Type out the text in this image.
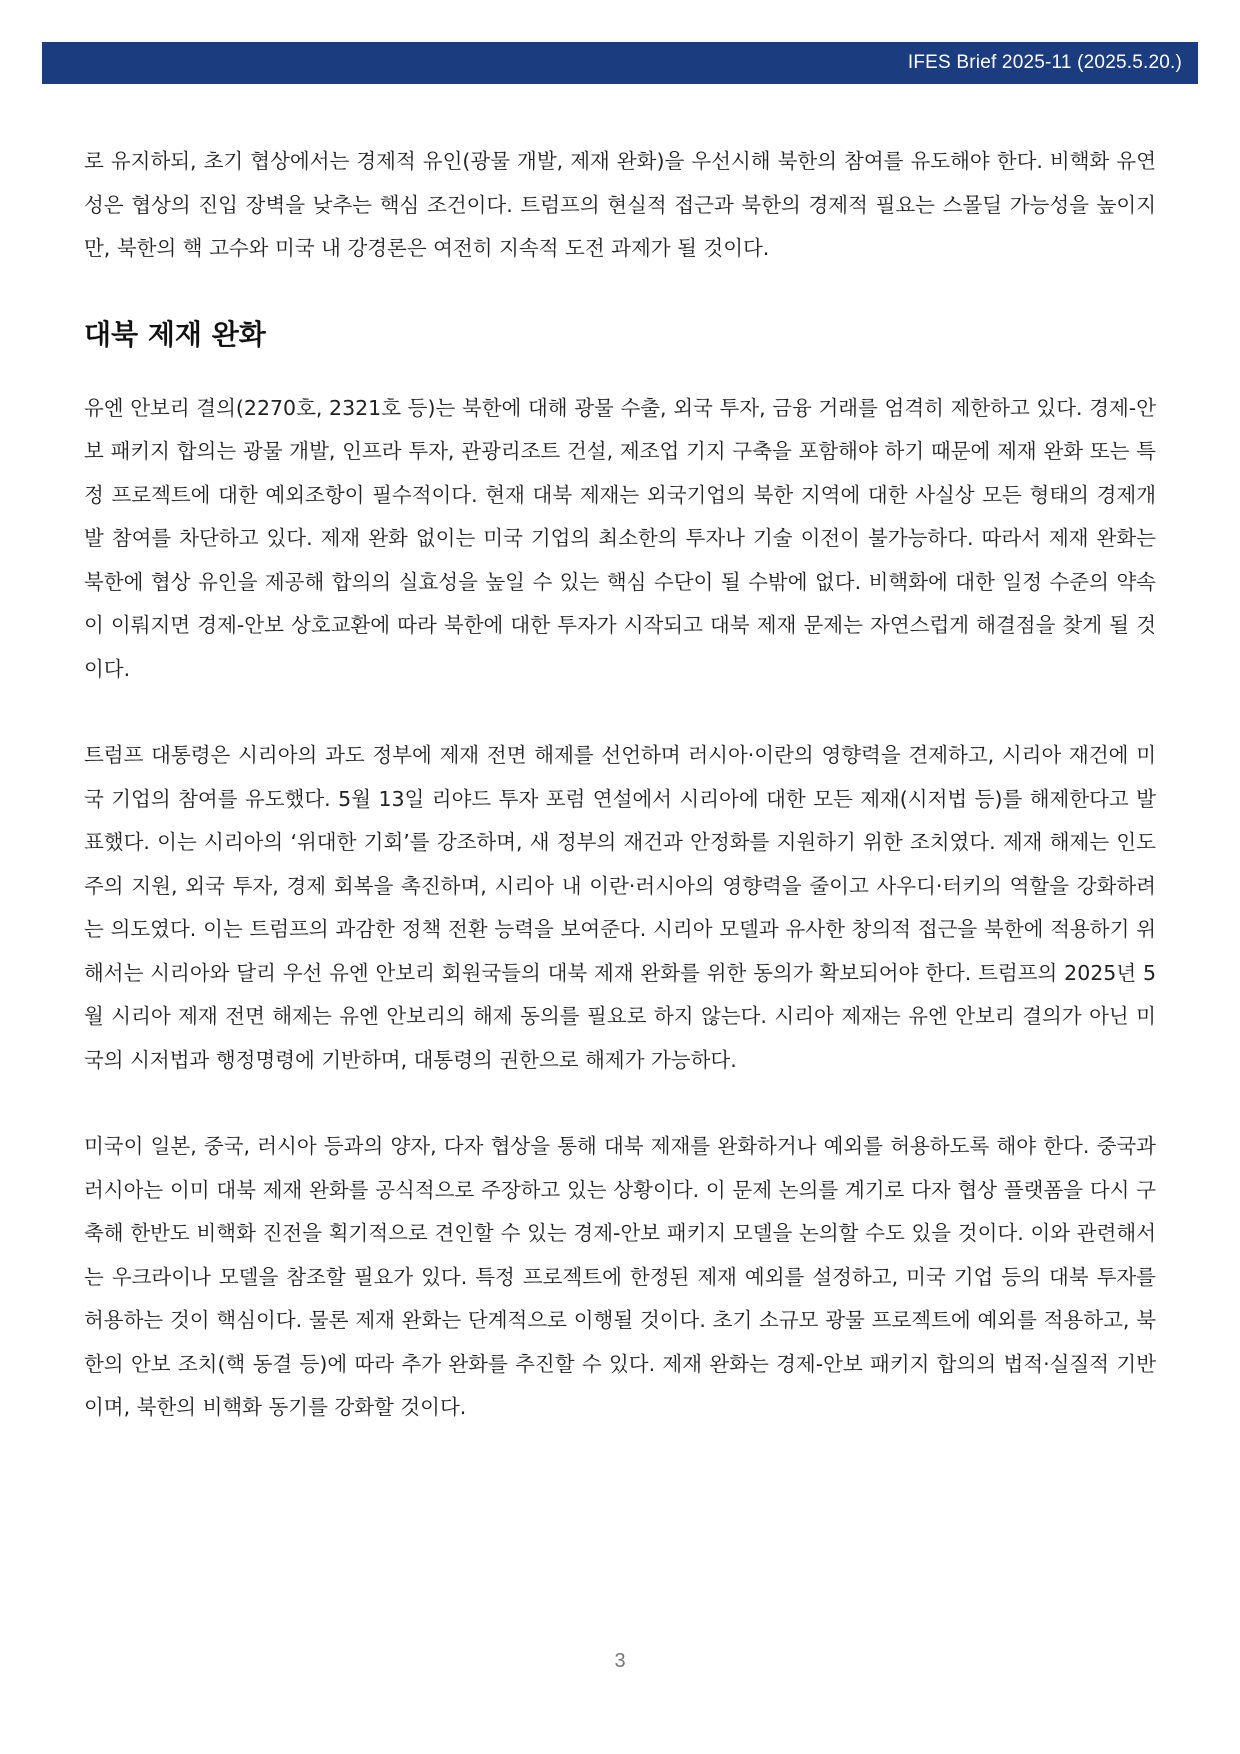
IFES Brief 2025-11 (2025.5.20.)

로 유지하되, 초기 협상에서는 경제적 유인(광물 개발, 제재 완화)을 우선시해 북한의 참여를 유도해야 한다. 비핵화 유연성은 협상의 진입 장벽을 낮추는 핵심 조건이다. 트럼프의 현실적 접근과 북한의 경제적 필요는 스몰딜 가능성을 높이지만, 북한의 핵 고수와 미국 내 강경론은 여전히 지속적 도전 과제가 될 것이다.

대북 제재 완화

유엔 안보리 결의(2270호, 2321호 등)는 북한에 대해 광물 수출, 외국 투자, 금융 거래를 엄격히 제한하고 있다. 경제-안보 패키지 합의는 광물 개발, 인프라 투자, 관광리조트 건설, 제조업 기지 구축을 포함해야 하기 때문에 제재 완화 또는 특정 프로젝트에 대한 예외조항이 필수적이다. 현재 대북 제재는 외국기업의 북한 지역에 대한 사실상 모든 형태의 경제개발 참여를 차단하고 있다. 제재 완화 없이는 미국 기업의 최소한의 투자나 기술 이전이 불가능하다. 따라서 제재 완화는 북한에 협상 유인을 제공해 합의의 실효성을 높일 수 있는 핵심 수단이 될 수밖에 없다. 비핵화에 대한 일정 수준의 약속이 이뤄지면 경제-안보 상호교환에 따라 북한에 대한 투자가 시작되고 대북 제재 문제는 자연스럽게 해결점을 찾게 될 것이다.

트럼프 대통령은 시리아의 과도 정부에 제재 전면 해제를 선언하며 러시아·이란의 영향력을 견제하고, 시리아 재건에 미국 기업의 참여를 유도했다. 5월 13일 리야드 투자 포럼 연설에서 시리아에 대한 모든 제재(시저법 등)를 해제한다고 발표했다. 이는 시리아의 ‘위대한 기회’를 강조하며, 새 정부의 재건과 안정화를 지원하기 위한 조치였다. 제재 해제는 인도주의 지원, 외국 투자, 경제 회복을 촉진하며, 시리아 내 이란·러시아의 영향력을 줄이고 사우디·터키의 역할을 강화하려는 의도였다. 이는 트럼프의 과감한 정책 전환 능력을 보여준다. 시리아 모델과 유사한 창의적 접근을 북한에 적용하기 위해서는 시리아와 달리 우선 유엔 안보리 회원국들의 대북 제재 완화를 위한 동의가 확보되어야 한다. 트럼프의 2025년 5월 시리아 제재 전면 해제는 유엔 안보리의 해제 동의를 필요로 하지 않는다. 시리아 제재는 유엔 안보리 결의가 아닌 미국의 시저법과 행정명령에 기반하며, 대통령의 권한으로 해제가 가능하다.

미국이 일본, 중국, 러시아 등과의 양자, 다자 협상을 통해 대북 제재를 완화하거나 예외를 허용하도록 해야 한다. 중국과 러시아는 이미 대북 제재 완화를 공식적으로 주장하고 있는 상황이다. 이 문제 논의를 계기로 다자 협상 플랫폼을 다시 구축해 한반도 비핵화 진전을 획기적으로 견인할 수 있는 경제-안보 패키지 모델을 논의할 수도 있을 것이다. 이와 관련해서는 우크라이나 모델을 참조할 필요가 있다. 특정 프로젝트에 한정된 제재 예외를 설정하고, 미국 기업 등의 대북 투자를 허용하는 것이 핵심이다. 물론 제재 완화는 단계적으로 이행될 것이다. 초기 소규모 광물 프로젝트에 예외를 적용하고, 북한의 안보 조치(핵 동결 등)에 따라 추가 완화를 추진할 수 있다. 제재 완화는 경제-안보 패키지 합의의 법적·실질적 기반이며, 북한의 비핵화 동기를 강화할 것이다.

3
